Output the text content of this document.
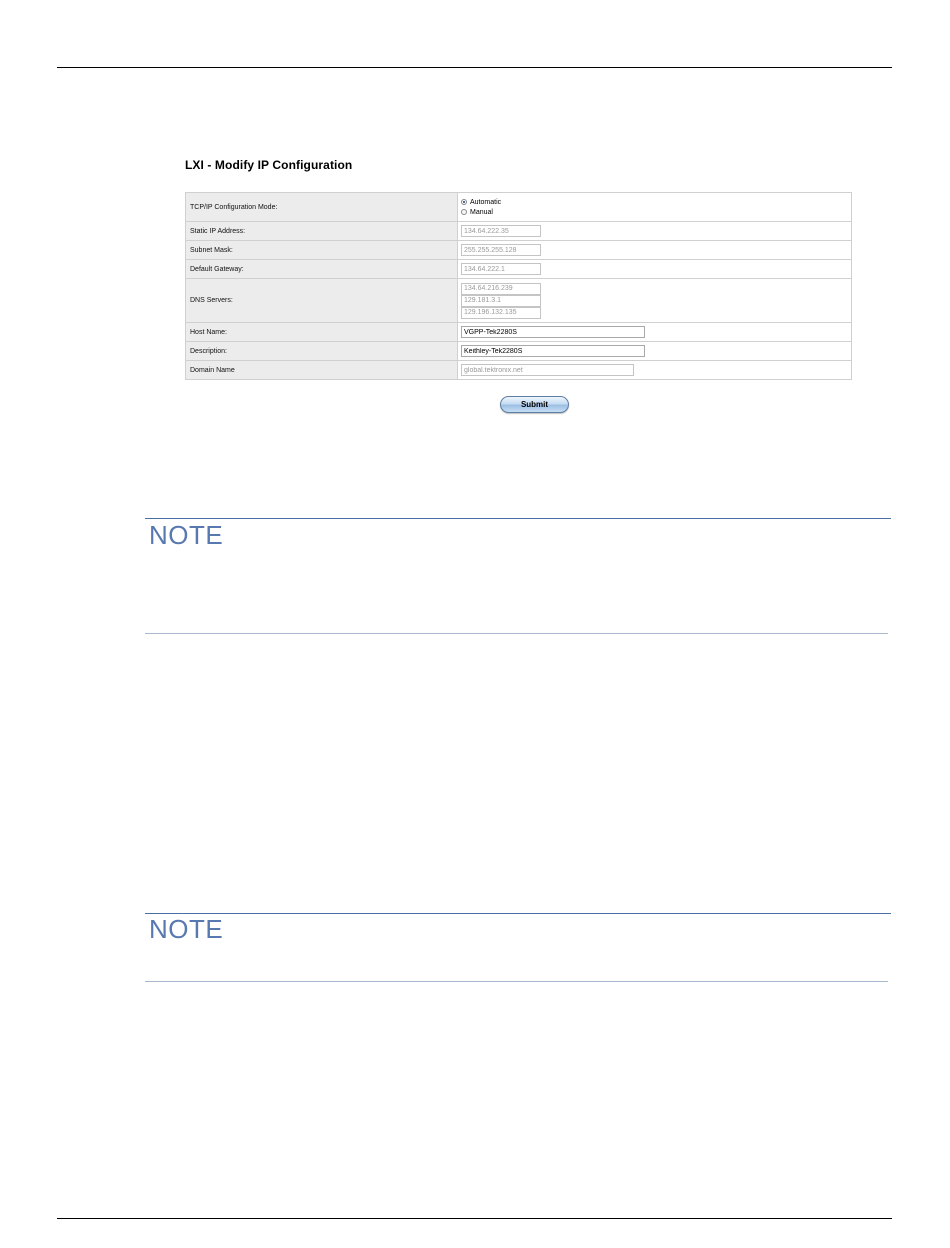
LXI - Modify IP Configuration
TCP/IP Configuration Mode:	Automatic
Manual

Static IP Address:	
134.64.222.35
Subnet Mask:	
255.255.255.128
Default Gateway:	
134.64.222.1
DNS Servers:	
134.64.216.239
129.181.3.1
129.196.132.135
Host Name:	
VGPP-Tek2280S
Description:	
Keithley-Tek2280S
Domain Name	
global.tektronix.net
Submit
NOTE
NOTE
